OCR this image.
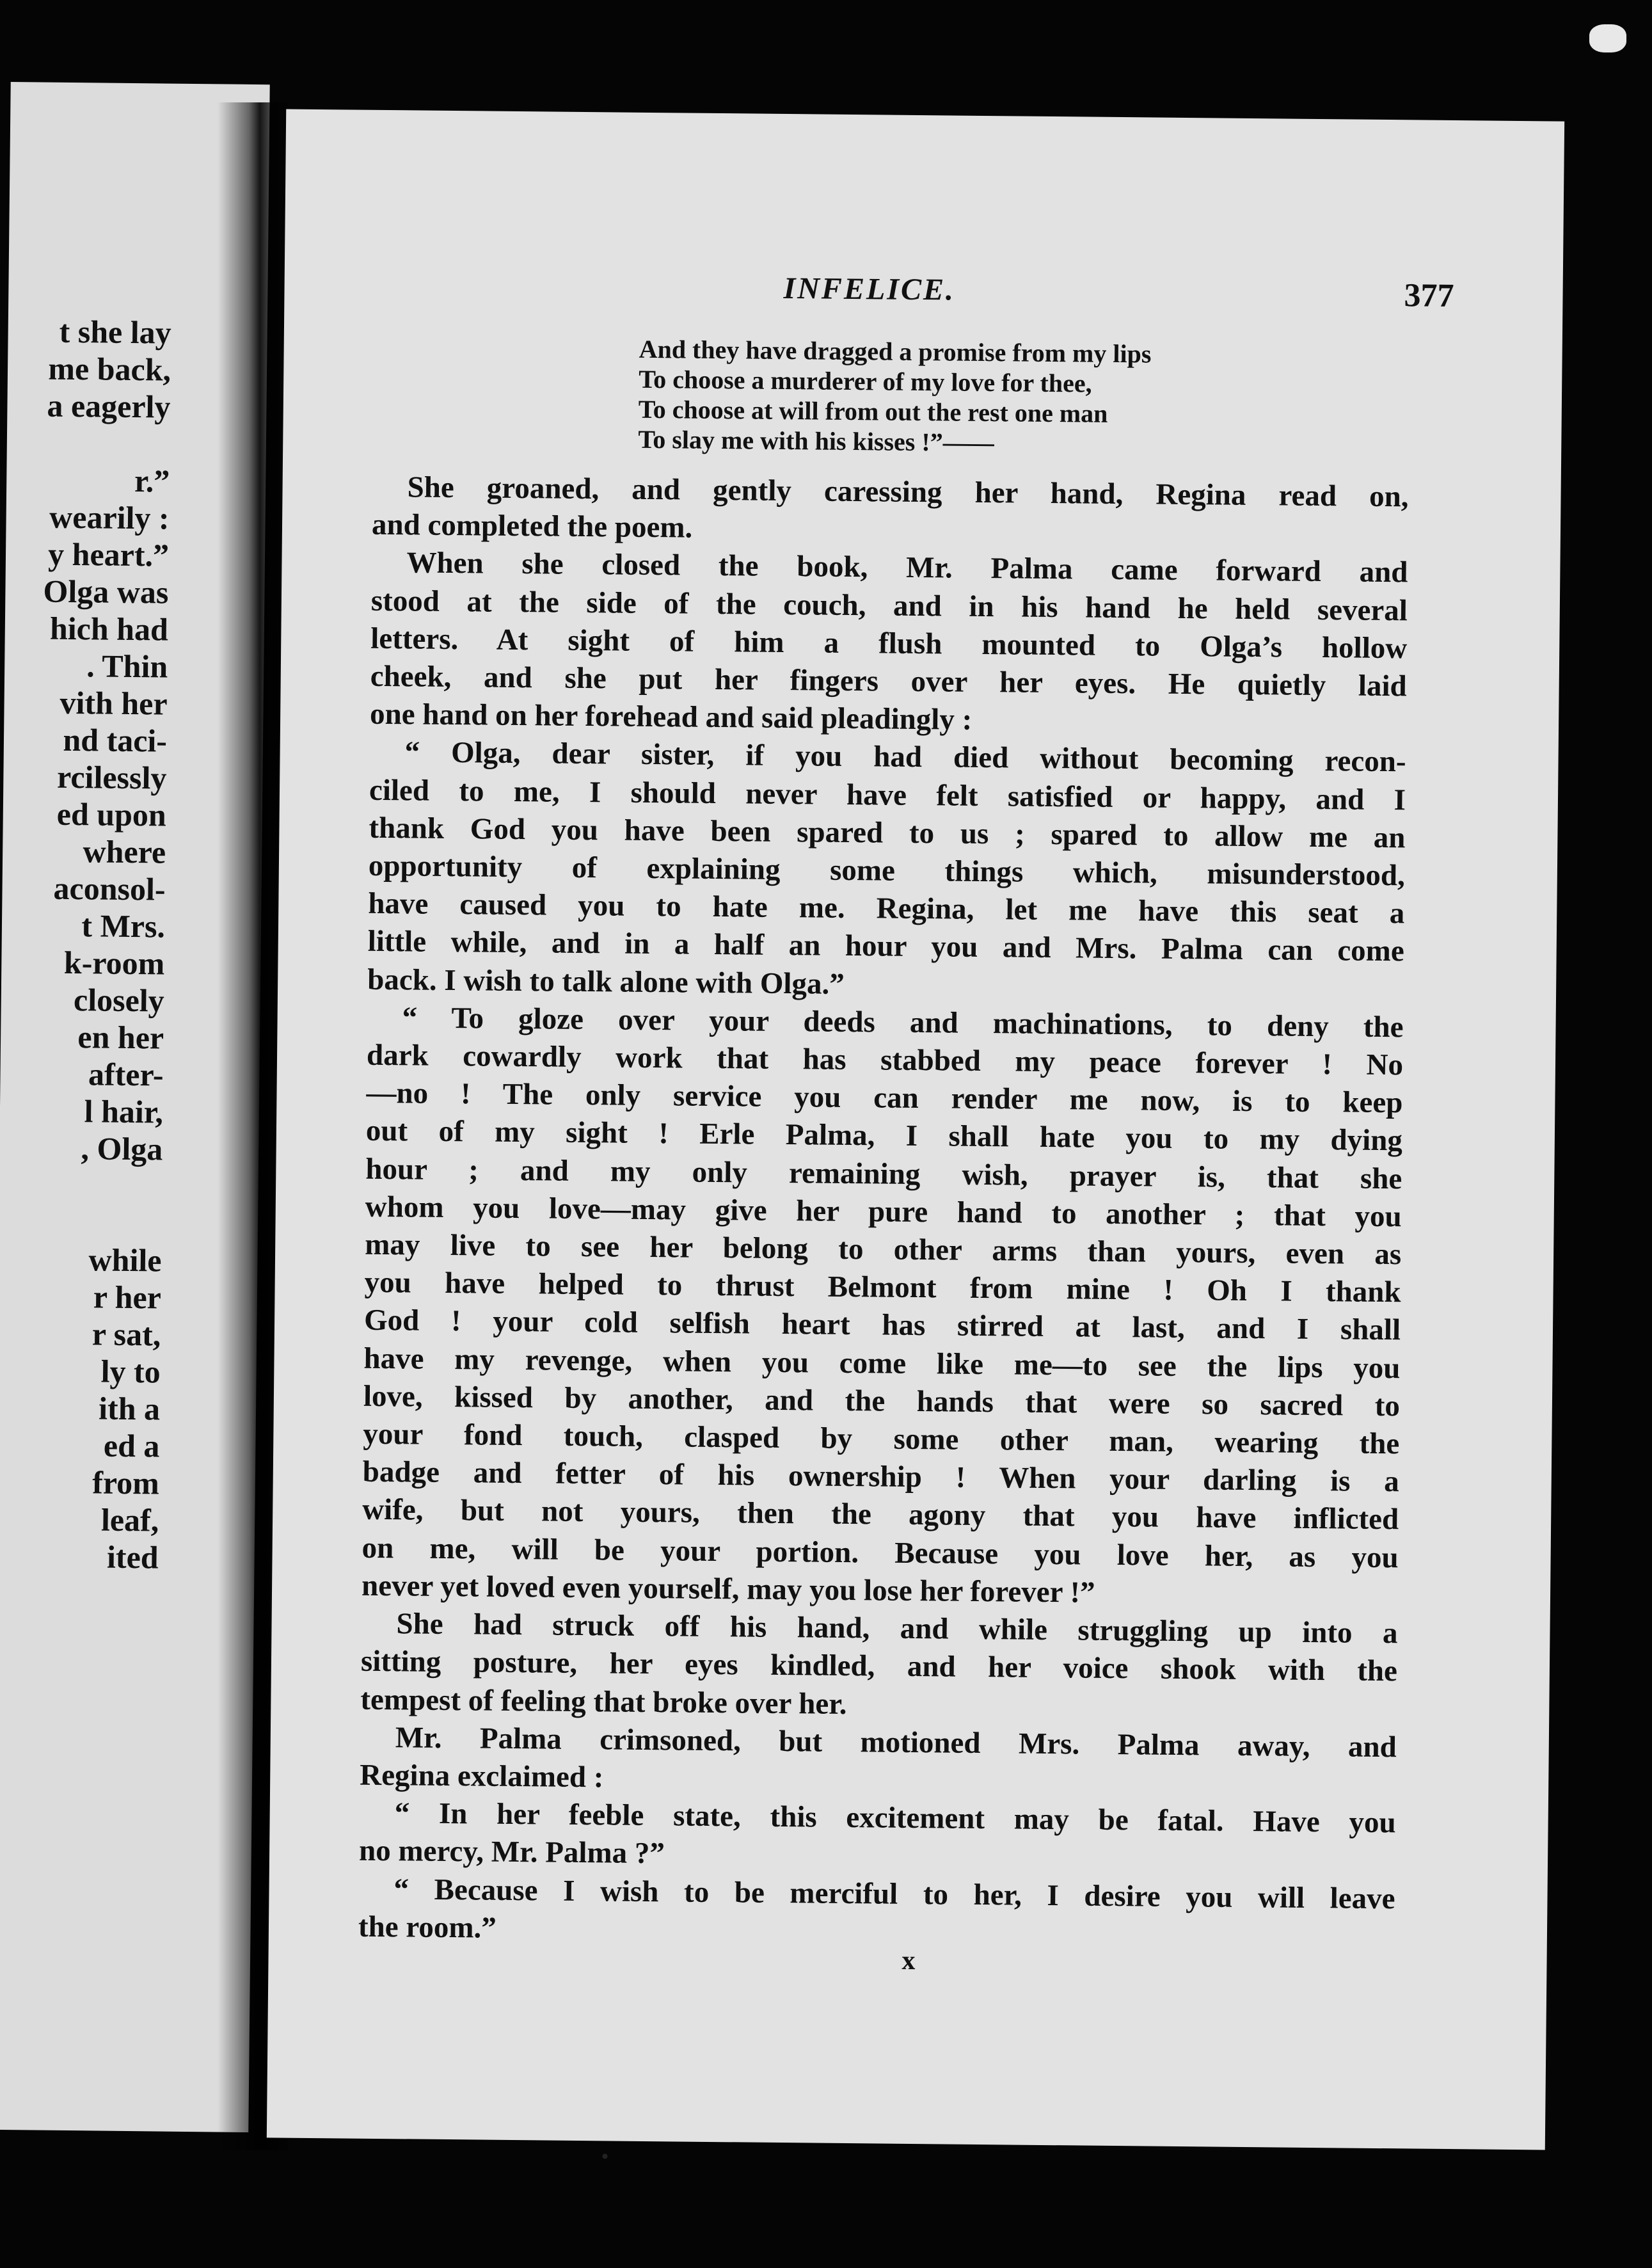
t she lay
me back,
a eagerly
r.”
wearily :
y heart.”
Olga was
hich had
. Thin
vith her
nd taci-
rcilessly
ed upon
where
aconsol-
t Mrs.
k-room
closely
en her
after-
l hair,
, Olga
while
r her
r sat,
ly to
ith a
ed a
from
leaf,
ited
INFELICE.	377
And they have dragged a promise from my lips
To choose a murderer of my love for thee,
To choose at will from out the rest one man
To slay me with his kisses !”——
She groaned, and gently caressing her hand, Regina read on,
and completed the poem.
When she closed the book, Mr. Palma came forward and
stood at the side of the couch, and in his hand he held several
letters. At sight of him a flush mounted to Olga’s hollow
cheek, and she put her fingers over her eyes. He quietly laid
one hand on her forehead and said pleadingly :
“ Olga, dear sister, if you had died without becoming recon-
ciled to me, I should never have felt satisfied or happy, and I
thank God you have been spared to us ; spared to allow me an
opportunity of explaining some things which, misunderstood,
have caused you to hate me. Regina, let me have this seat a
little while, and in a half an hour you and Mrs. Palma can come
back. I wish to talk alone with Olga.”
“ To gloze over your deeds and machinations, to deny the
dark cowardly work that has stabbed my peace forever ! No
—no ! The only service you can render me now, is to keep
out of my sight ! Erle Palma, I shall hate you to my dying
hour ; and my only remaining wish, prayer is, that she
whom you love—may give her pure hand to another ; that you
may live to see her belong to other arms than yours, even as
you have helped to thrust Belmont from mine ! Oh I thank
God ! your cold selfish heart has stirred at last, and I shall
have my revenge, when you come like me—to see the lips you
love, kissed by another, and the hands that were so sacred to
your fond touch, clasped by some other man, wearing the
badge and fetter of his ownership ! When your darling is a
wife, but not yours, then the agony that you have inflicted
on me, will be your portion. Because you love her, as you
never yet loved even yourself, may you lose her forever !”
She had struck off his hand, and while struggling up into a
sitting posture, her eyes kindled, and her voice shook with the
tempest of feeling that broke over her.
Mr. Palma crimsoned, but motioned Mrs. Palma away, and
Regina exclaimed :
“ In her feeble state, this excitement may be fatal. Have you
no mercy, Mr. Palma ?”
“ Because I wish to be merciful to her, I desire you will leave
the room.”
x
